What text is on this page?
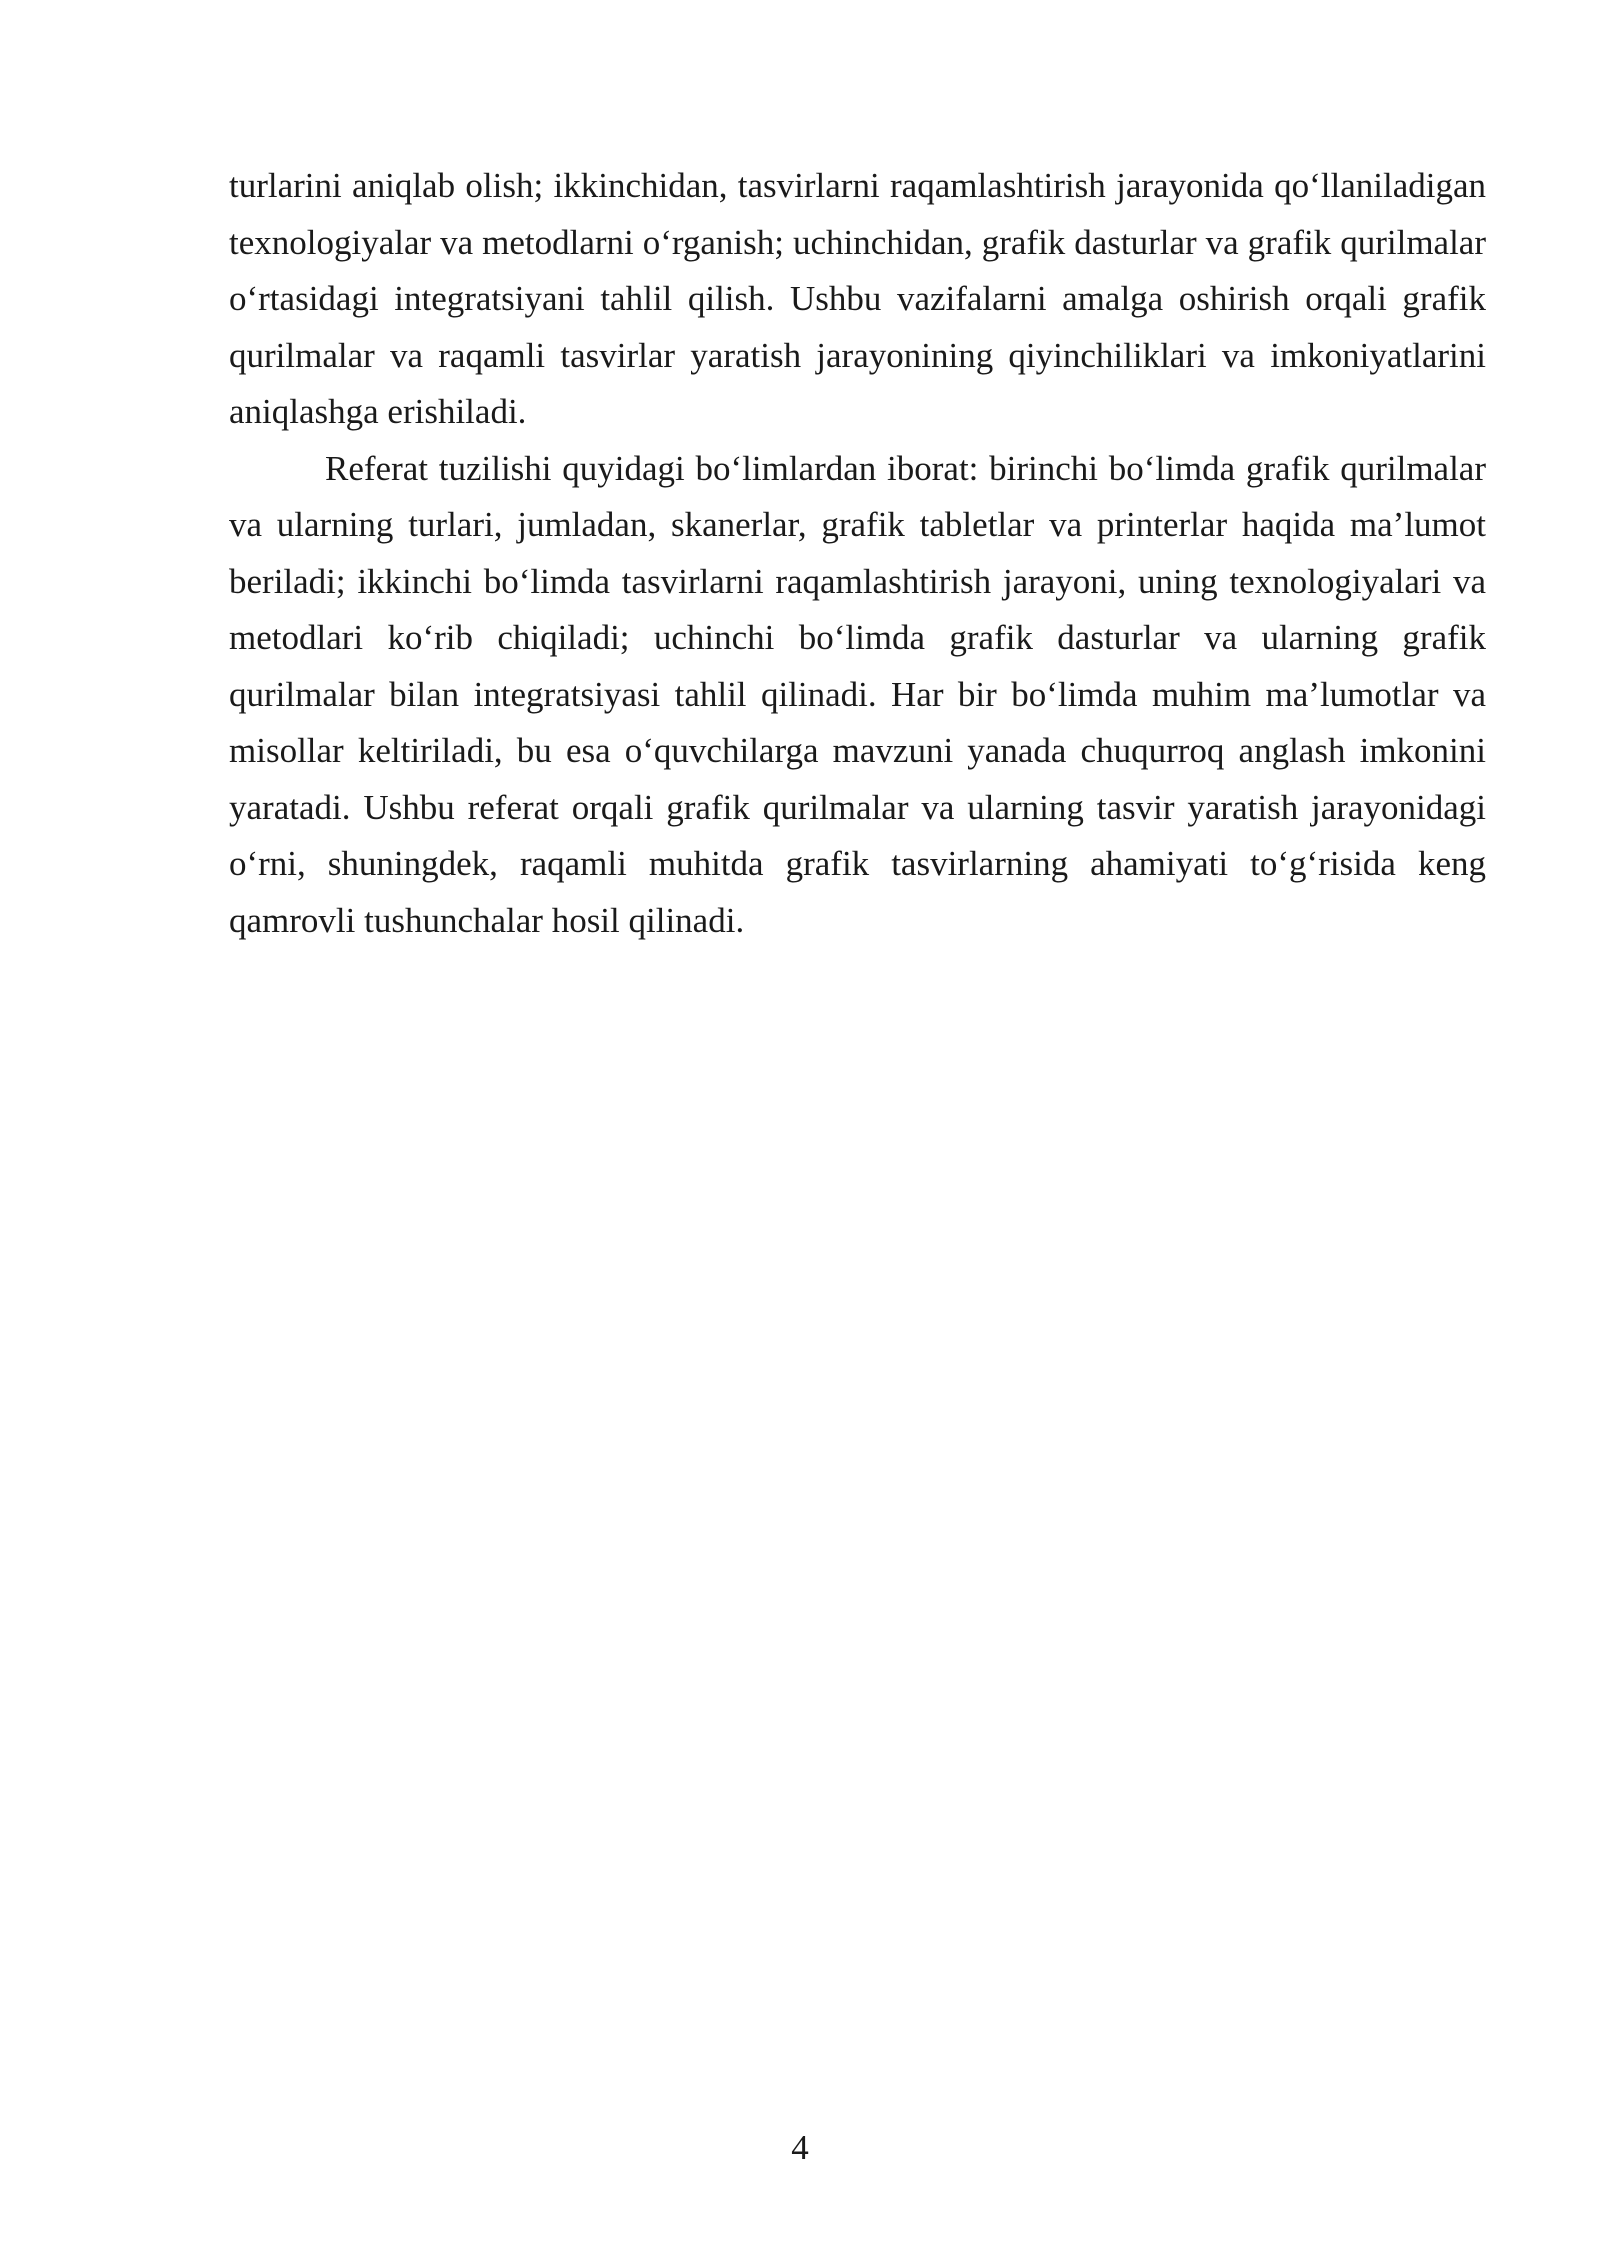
turlarini aniqlab olish; ikkinchidan, tasvirlarni raqamlashtirish jarayonida qo‘llaniladigan texnologiyalar va metodlarni o‘rganish; uchinchidan, grafik dasturlar va grafik qurilmalar o‘rtasidagi integratsiyani tahlil qilish. Ushbu vazifalarni amalga oshirish orqali grafik qurilmalar va raqamli tasvirlar yaratish jarayonining qiyinchiliklari va imkoniyatlarini aniqlashga erishiladi.

Referat tuzilishi quyidagi bo‘limlardan iborat: birinchi bo‘limda grafik qurilmalar va ularning turlari, jumladan, skanerlar, grafik tabletlar va printerlar haqida ma’lumot beriladi; ikkinchi bo‘limda tasvirlarni raqamlashtirish jarayoni, uning texnologiyalari va metodlari ko‘rib chiqiladi; uchinchi bo‘limda grafik dasturlar va ularning grafik qurilmalar bilan integratsiyasi tahlil qilinadi. Har bir bo‘limda muhim ma’lumotlar va misollar keltiriladi, bu esa o‘quvchilarga mavzuni yanada chuqurroq anglash imkonini yaratadi. Ushbu referat orqali grafik qurilmalar va ularning tasvir yaratish jarayonidagi o‘rni, shuningdek, raqamli muhitda grafik tasvirlarning ahamiyati to‘g‘risida keng qamrovli tushunchalar hosil qilinadi.

4
